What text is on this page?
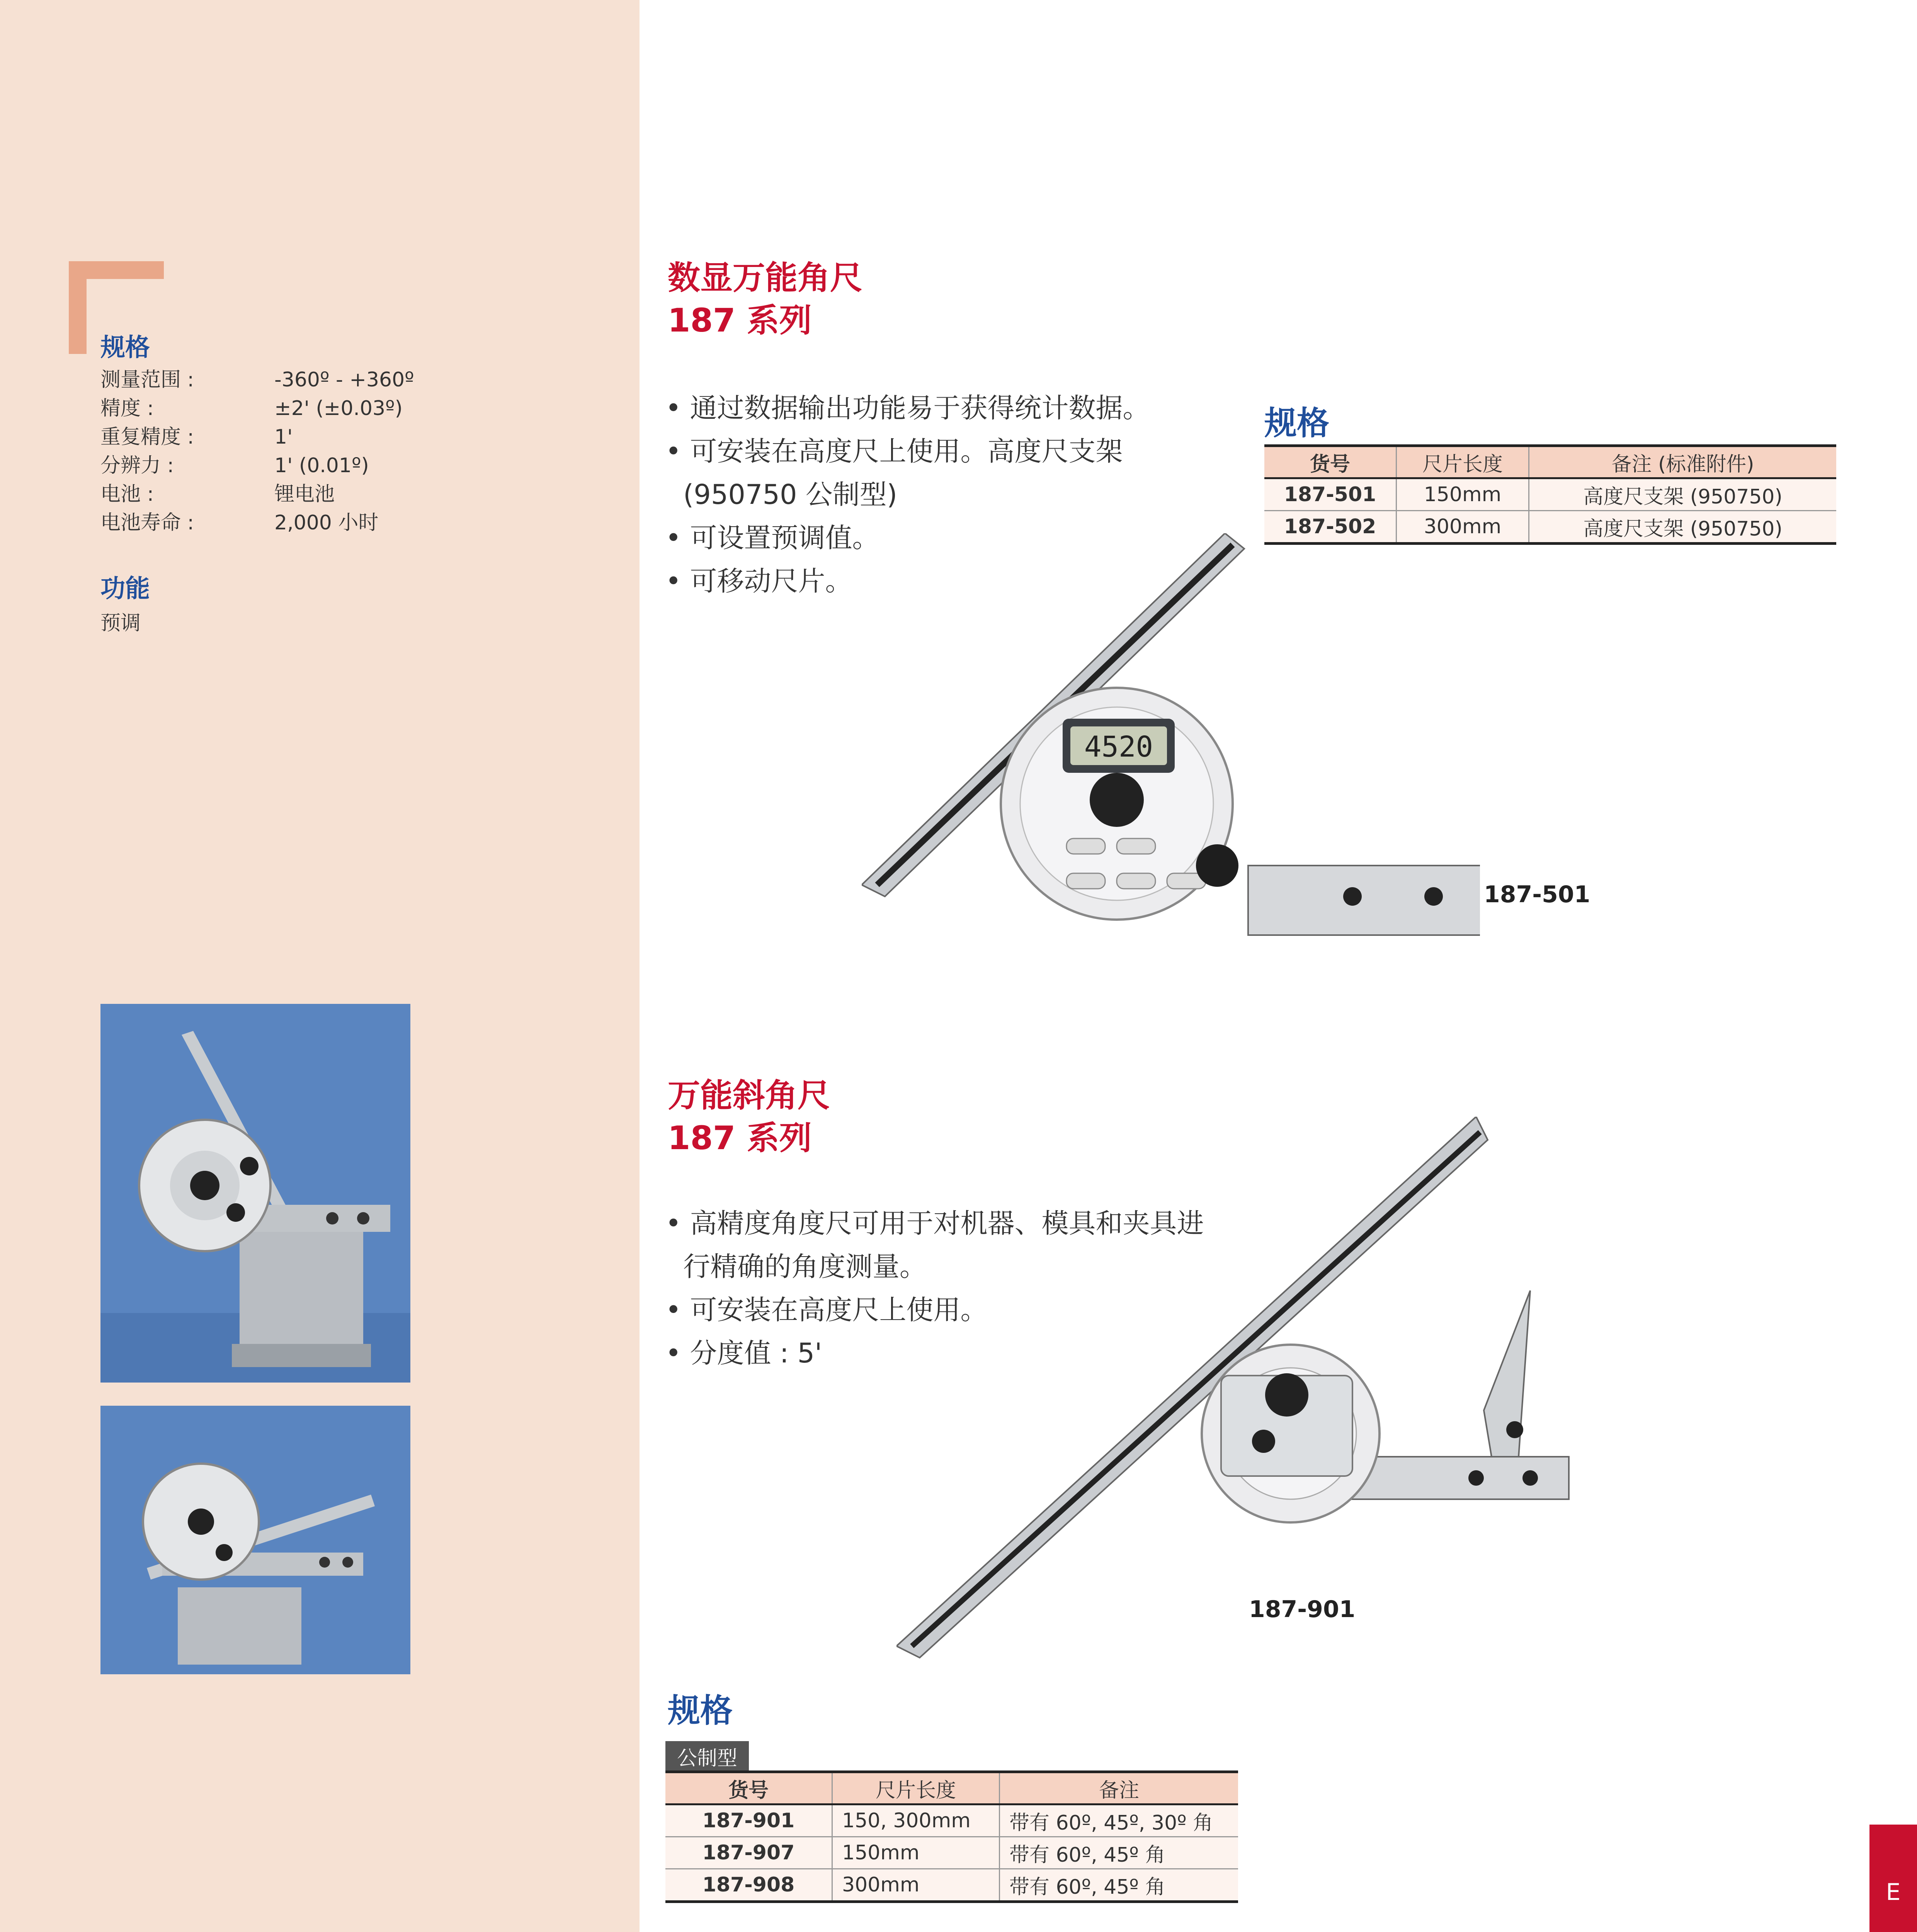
规格
测量范围 :	-360º - +360º
精度 :	±2' (±0.03º)
重复精度 :	1'
分辨力 :	1' (0.01º)
电池 :	锂电池
电池寿命 :	2,000 小时
功能
预调
数显万能角尺
187 系列
• 通过数据输出功能易于获得统计数据。
• 可安装在高度尺上使用。高度尺支架
(950750 公制型)
• 可设置预调值。
• 可移动尺片。
规格
货号	尺片长度	备注 (标准附件)
187-501	150mm	高度尺支架 (950750)
187-502	300mm	高度尺支架 (950750)
4520
187-501
万能斜角尺
187 系列
• 高精度角度尺可用于对机器、模具和夹具进
行精确的角度测量。
• 可安装在高度尺上使用。
• 分度值 : 5'
187-901
规格
公制型
货号	尺片长度	备注
187-901	150, 300mm	带有 60º, 45º, 30º 角
187-907	150mm	带有 60º, 45º 角
187-908	300mm	带有 60º, 45º 角

			E
